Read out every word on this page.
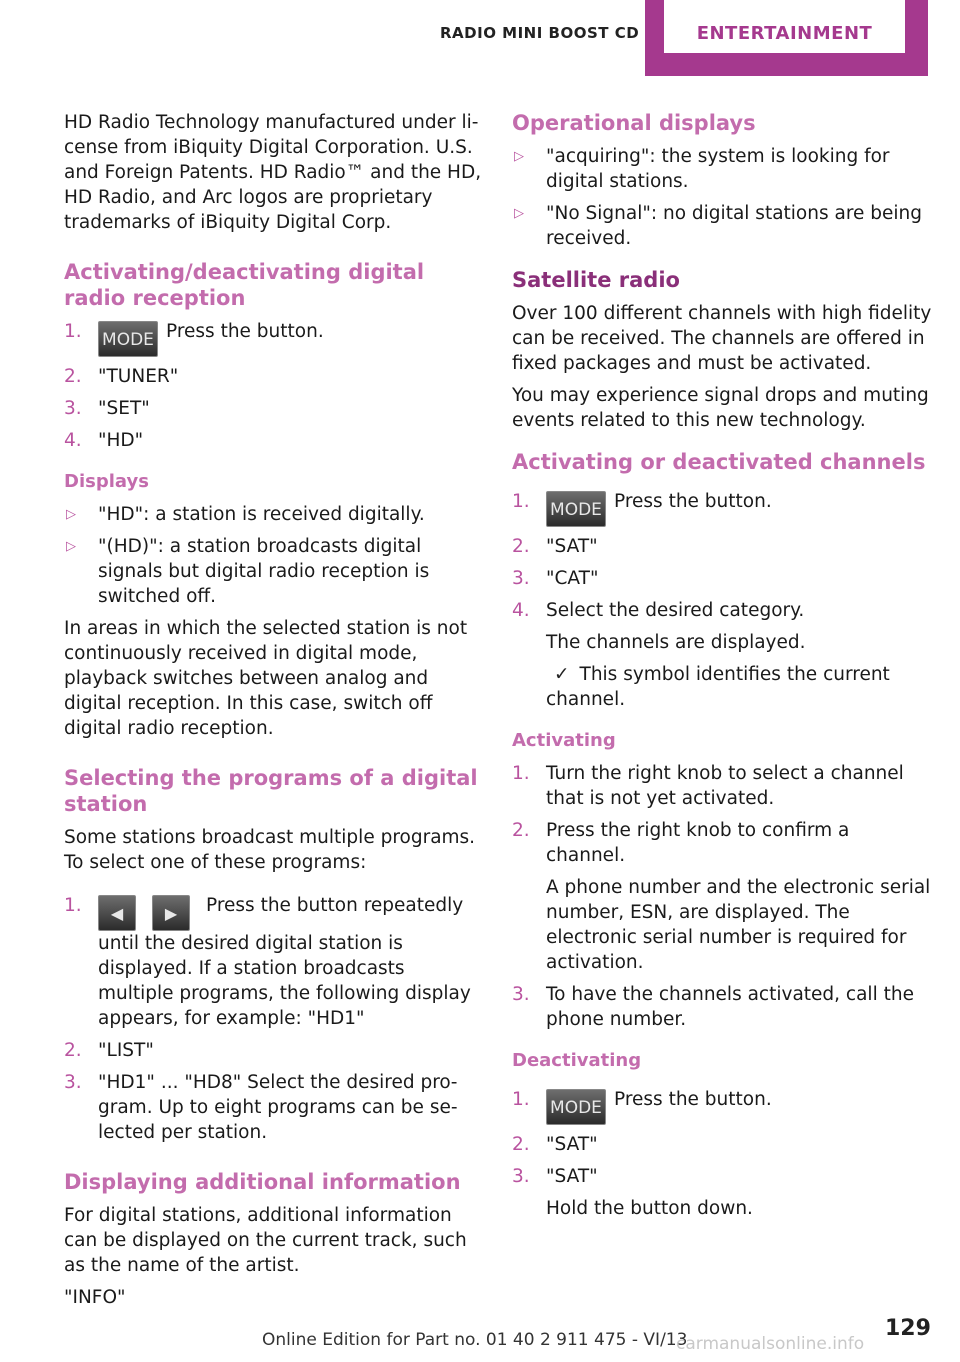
RADIO MINI BOOST CD	ENTERTAINMENT

HD Radio Technology manufactured under license from iBiquity Digital Corporation. U.S. and Foreign Patents. HD Radio™ and the HD, HD Radio, and Arc logos are proprietary trademarks of iBiquity Digital Corp.

Activating/deactivating digital radio reception
1. MODE Press the button.
2. "TUNER"
3. "SET"
4. "HD"
Displays
▷ "HD": a station is received digitally.
▷ "(HD)": a station broadcasts digital signals but digital radio reception is switched off.

In areas in which the selected station is not continuously received in digital mode, playback switches between analog and digital reception. In this case, switch off digital radio reception.

Selecting the programs of a digital station

Some stations broadcast multiple programs. To select one of these programs:

1. ◀	▶ Press the button repeatedly until the desired digital station is displayed. If a station broadcasts multiple programs, the following display appears, for example: "HD1"
2. "LIST"
3. "HD1" ... "HD8" Select the desired program. Up to eight programs can be selected per station.
Displaying additional information

For digital stations, additional information can be displayed on the current track, such as the name of the artist.

"INFO"

Operational displays
▷ "acquiring": the system is looking for digital stations.
▷ "No Signal": no digital stations are being received.
Satellite radio

Over 100 different channels with high fidelity can be received. The channels are offered in fixed packages and must be activated.

You may experience signal drops and muting events related to this new technology.

Activating or deactivated channels
1. MODE Press the button.
2. "SAT"
3. "CAT"
4. Select the desired category.

The channels are displayed.

✓ This symbol identifies the current channel.

Activating
1. Turn the right knob to select a channel that is not yet activated.
2. Press the right knob to confirm a channel.

A phone number and the electronic serial number, ESN, are displayed. The electronic serial number is required for activation.

3. To have the channels activated, call the phone number.
Deactivating
1. MODE Press the button.
2. "SAT"
3. "SAT"

Hold the button down.

129
Online Edition for Part no. 01 40 2 911 475 - VI/13
carmanualsonline.info
